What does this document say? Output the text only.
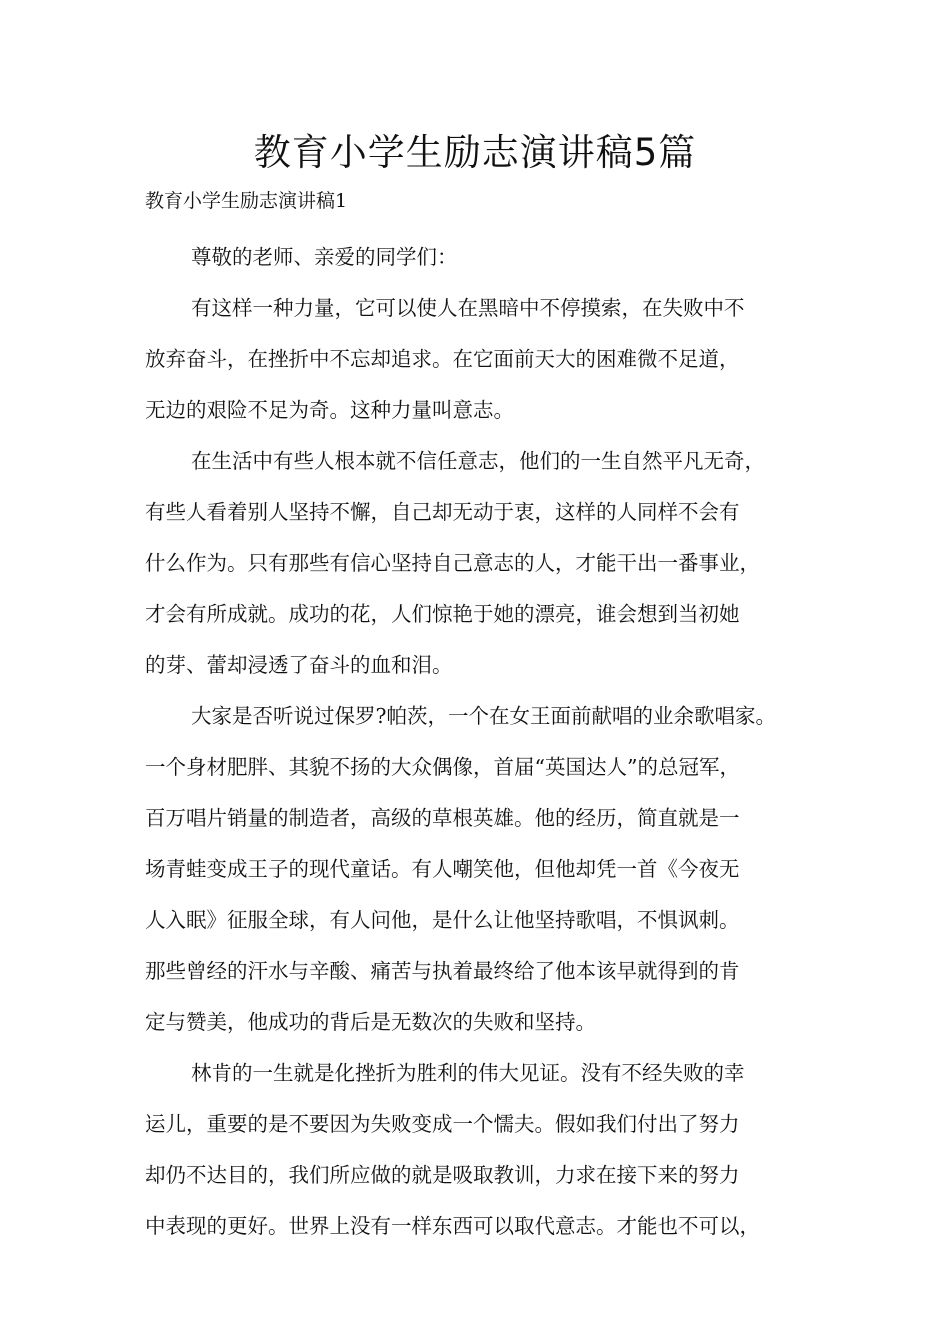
教育小学生励志演讲稿5篇

教育小学生励志演讲稿1

尊敬的老师、亲爱的同学们：

有这样一种力量，它可以使人在黑暗中不停摸索，在失败中不
放弃奋斗，在挫折中不忘却追求。在它面前天大的困难微不足道，
无边的艰险不足为奇。这种力量叫意志。

在生活中有些人根本就不信任意志，他们的一生自然平凡无奇，
有些人看着别人坚持不懈，自己却无动于衷，这样的人同样不会有
什么作为。只有那些有信心坚持自己意志的人，才能干出一番事业，
才会有所成就。成功的花，人们惊艳于她的漂亮，谁会想到当初她
的芽、蕾却浸透了奋斗的血和泪。

大家是否听说过保罗?帕茨，一个在女王面前献唱的业余歌唱家。
一个身材肥胖、其貌不扬的大众偶像，首届“英国达人”的总冠军，
百万唱片销量的制造者，高级的草根英雄。他的经历，简直就是一
场青蛙变成王子的现代童话。有人嘲笑他，但他却凭一首《今夜无
人入眠》征服全球，有人问他，是什么让他坚持歌唱，不惧讽刺。
那些曾经的汗水与辛酸、痛苦与执着最终给了他本该早就得到的肯
定与赞美，他成功的背后是无数次的失败和坚持。

林肯的一生就是化挫折为胜利的伟大见证。没有不经失败的幸
运儿，重要的是不要因为失败变成一个懦夫。假如我们付出了努力
却仍不达目的，我们所应做的就是吸取教训，力求在接下来的努力
中表现的更好。世界上没有一样东西可以取代意志。才能也不可以，
